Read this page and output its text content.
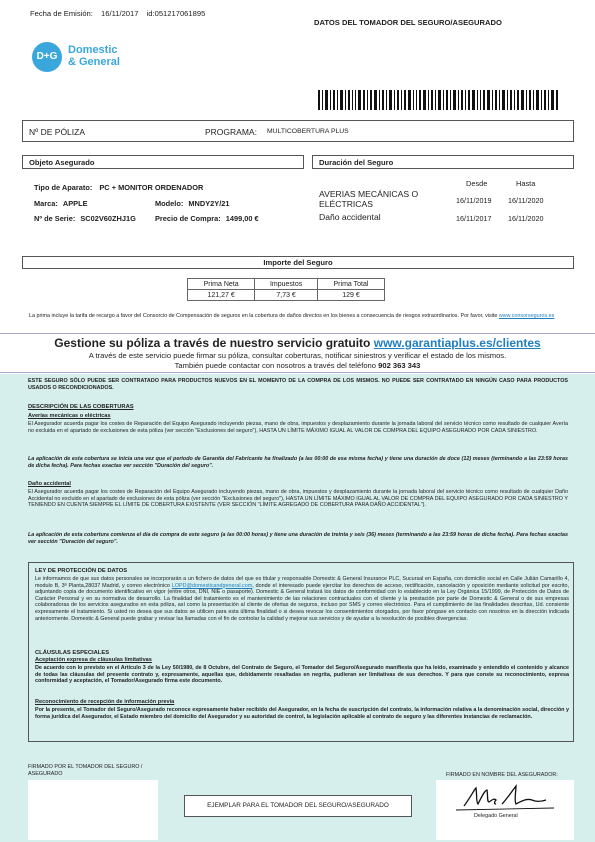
Fecha de Emisión: 16/11/2017 id:051217061895
DATOS DEL TOMADOR DEL SEGURO/ASEGURADO
D+G
Domestic
& General
Nº DE PÓLIZA	PROGRAMA: MULTICOBERTURA PLUS
Objeto Asegurado
Tipo de Aparato: PC + MONITOR ORDENADOR
Marca: APPLE	Modelo: MNDY2Y/21
Nº de Serie: SC02V60ZHJ1G	Precio de Compra: 1499,00 €
Duración del Seguro
Desde	Hasta
AVERIAS MECÁNICAS O ELÉCTRICAS	16/11/2019 16/11/2020
Daño accidental	16/11/2017 16/11/2020
Importe del Seguro
Prima Neta	Impuestos	Prima Total
121,27 €	7,73 €	129 €
La prima incluye la tarifa de recargo a favor del Consorcio de Compensación de seguros en la cobertura de daños directos en los bienes a consecuencia de riesgos extraordinarios. Por favor, visite www.consorseguros.es
Gestione su póliza a través de nuestro servicio gratuito www.garantiaplus.es/clientes
A través de este servicio puede firmar su póliza, consultar coberturas, notificar siniestros y verificar el estado de los mismos.
También puede contactar con nosotros a través del teléfono 902 363 343
ESTE SEGURO SÓLO PUEDE SER CONTRATADO PARA PRODUCTOS NUEVOS EN EL MOMENTO DE LA COMPRA DE LOS MISMOS. NO PUEDE SER CONTRATADO EN NINGÚN CASO PARA PRODUCTOS USADOS O RECONDICIONADOS.
DESCRIPCIÓN DE LAS COBERTURAS
Averías mecánicas o eléctricas
El Asegurador acuerda pagar los costes de Reparación del Equipo Asegurado incluyendo piezas, mano de obra, impuestos y desplazamiento durante la jornada laboral del servicio técnico como resultado de cualquier Avería no excluida en el apartado de exclusiones de esta póliza (ver sección "Exclusiones del seguro"), HASTA UN LÍMITE MÁXIMO IGUAL AL VALOR DE COMPRA DEL EQUIPO ASEGURADO POR CADA SINIESTRO.
La aplicación de esta cobertura se inicia una vez que el periodo de Garantía del Fabricante ha finalizado (a las 00:00 de esa misma fecha) y tiene una duración de doce (12) meses (terminando a las 23:59 horas de dicha fecha). Para fechas exactas ver sección "Duración del seguro".
Daño accidental
El Asegurador acuerda pagar los costes de Reparación del Equipo Asegurado incluyendo piezas, mano de obra, impuestos y desplazamiento durante la jornada laboral del servicio técnico como resultado de cualquier Daño Accidental no excluido en el apartado de exclusiones de esta póliza (ver sección "Exclusiones del seguro"), HASTA UN LÍMITE MÁXIMO IGUAL AL VALOR DE COMPRA DEL EQUIPO ASEGURADO POR CADA SINIESTRO Y TENIENDO EN CUENTA SIEMPRE EL LÍMITE DE COBERTURA EXISTENTE (VER SECCIÓN "LÍMITE AGREGADO DE COBERTURA PARA DAÑO ACCIDENTAL").
La aplicación de esta cobertura comienza el día de compra de este seguro (a las 00:00 horas) y tiene una duración de treinta y seis (36) meses (terminando a las 23:59 horas de dicha fecha). Para fechas exactas ver sección "Duración del seguro".
LEY DE PROTECCIÓN DE DATOS
Le informamos de que sus datos personales se incorporarán a un fichero de datos del que es titular y responsable Domestic & General Insurance PLC, Sucursal en España, con domicilio social en Calle Julián Camarillo 4, modulo B, 3ª Planta,28037 Madrid, y correo electrónico LOPD@domesticandgeneral.com, donde el interesado puede ejercitar los derechos de acceso, rectificación, cancelación y oposición mediante solicitud por escrito, adjuntando copia de documento identificativo en vigor (entre otros, DNI, NIE o pasaporte). Domestic & General tratará los datos de conformidad con lo establecido en la Ley Orgánica 15/1999, de Protección de Datos de Carácter Personal y en su normativa de desarrollo. La finalidad del tratamiento es el mantenimiento de las relaciones contractuales con el cliente y la prestación por parte de Domestic & General o de sus empresas colaboradoras de los servicios asegurados en esta póliza, así como la presentación al cliente de ofertas de seguros, incluso por SMS y correo electrónico. Para el cumplimiento de las finalidades descritas, Ud. consiente expresamente el tratamiento. Si usted no desea que sus datos se utilicen para esta última finalidad o si desea revocar los consentimientos otorgados, por favor póngase en contacto con nosotros en la dirección indicada anteriormente. Domestic & General puede grabar y revisar las llamadas con el fin de controlar la calidad y mejorar sus servicios y de ayudar a la resolución de posibles divergencias.
CLÁUSULAS ESPECIALES
Aceptación expresa de cláusulas limitativas
De acuerdo con lo previsto en el Artículo 3 de la Ley 50/1980, de 8 Octubre, del Contrato de Seguro, el Tomador del Seguro/Asegurado manifiesta que ha leído, examinado y entendido el contenido y alcance de todas las cláusulas del presente contrato y, expresamente, aquellas que, debidamente resaltadas en negrita, pudieran ser limitativas de sus derechos. Y para que conste su reconocimiento, expresa conformidad y aceptación, el Tomador/Asegurado firma este documento.
Reconocimiento de recepción de información previa
Por la presente, el Tomador del Seguro/Asegurado reconoce expresamente haber recibido del Asegurador, en la fecha de suscripción del contrato, la información relativa a la denominación social, dirección y forma jurídica del Asegurador, el Estado miembro del domicilio del Asegurador y su autoridad de control, la legislación aplicable al contrato de seguro y las diferentes instancias de reclamación.
FIRMADO POR EL TOMADOR DEL SEGURO /
ASEGURADO
EJEMPLAR PARA EL TOMADOR DEL SEGURO/ASEGURADO
FIRMADO EN NOMBRE DEL ASEGURADOR:
Delegado General
